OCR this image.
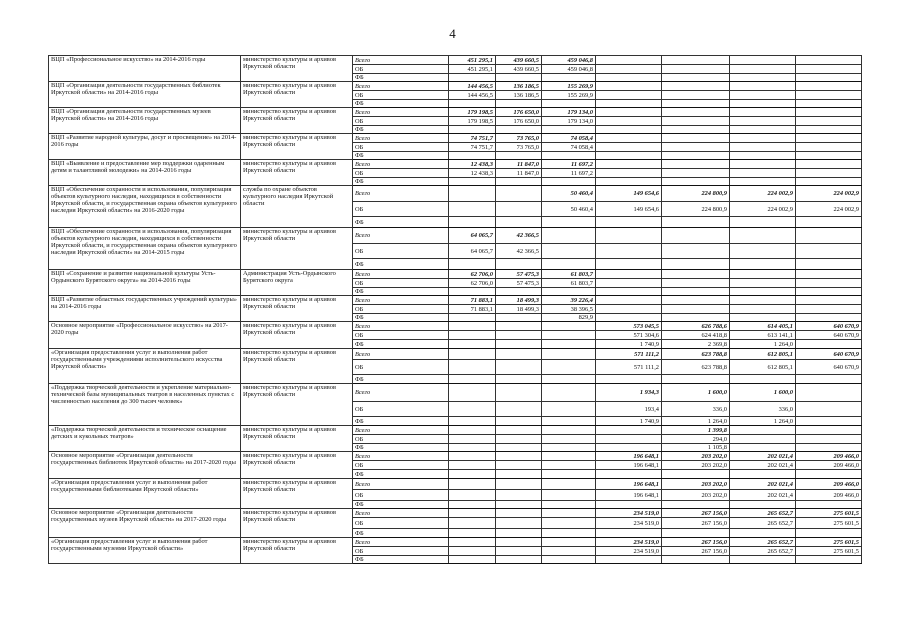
4
ВЦП «Профессиональное искусство» на 2014-2016 годы	министерство культуры и архивов Иркутской области	Всего	451 295,1	439 660,5	459 046,8				
		ОБ	451 295,1	439 660,5	459 046,8				
		ФБ							
ВЦП «Организация деятельности государственных библиотек Иркутской области» на 2014-2016 годы	министерство культуры и архивов Иркутской области	Всего	144 456,5	136 186,5	155 269,9				
		ОБ	144 456,5	136 186,5	155 269,9				
		ФБ							
ВЦП «Организация деятельности государственных музеев Иркутской области» на 2014-2016 годы	министерство культуры и архивов Иркутской области	Всего	179 198,5	176 650,0	179 134,0				
		ОБ	179 198,5	176 650,0	179 134,0				
		ФБ							
ВЦП «Развитие народной культуры, досуг и просвещение» на 2014-2016 годы	министерство культуры и архивов Иркутской области	Всего	74 751,7	73 765,0	74 058,4				
		ОБ	74 751,7	73 765,0	74 058,4				
		ФБ							
ВЦП «Выявление и предоставление мер поддержки одаренным детям и талантливой молодежи» на 2014-2016 годы	министерство культуры и архивов Иркутской области	Всего	12 438,3	11 847,0	11 697,2				
		ОБ	12 438,3	11 847,0	11 697,2				
		ФБ							
ВЦП «Обеспечение сохранности и использования, популяризация объектов культурного наследия, находящихся в собственности Иркутской области, и государственная охрана объектов культурного наследия Иркутской области» на 2016-2020 годы	служба по охране объектов культурного наследия Иркутской области	Всего			50 460,4	149 654,6	224 800,9	224 002,9	224 002,9
		ОБ			50 460,4	149 654,6	224 800,9	224 002,9	224 002,9
		ФБ							
ВЦП «Обеспечение сохранности и использования, популяризация объектов культурного наследия, находящихся в собственности Иркутской области, и государственная охрана объектов культурного наследия Иркутской области» на 2014-2015 годы	министерство культуры и архивов Иркутской области	Всего	64 065,7	42 366,5					
		ОБ	64 065,7	42 366,5					
		ФБ							
ВЦП «Сохранение и развитие национальной культуры Усть-Ордынского Бурятского округа» на 2014-2016 годы	Администрация Усть-Ордынского Бурятского округа	Всего	62 706,0	57 475,3	61 803,7				
		ОБ	62 706,0	57 475,3	61 803,7				
		ФБ							
ВЦП «Развитие областных государственных учреждений культуры» на 2014-2016 годы	министерство культуры и архивов Иркутской области	Всего	71 883,1	18 499,3	39 226,4				
		ОБ	71 883,1	18 499,3	38 396,5				
		ФБ			829,9				
Основное мероприятие «Профессиональное искусство» на 2017-2020 годы	министерство культуры и архивов Иркутской области	Всего				573 045,5	626 788,6	614 405,1	640 670,9
		ОБ				571 304,6	624 418,8	613 141,1	640 670,9
		ФБ				1 740,9	2 369,8	1 264,0	
«Организация предоставления услуг и выполнения работ государственными учреждениями исполнительского искусства Иркутской области»	министерство культуры и архивов Иркутской области	Всего				571 111,2	623 788,8	612 805,1	640 670,9
		ОБ				571 111,2	623 788,8	612 805,1	640 670,9
		ФБ							
«Поддержка творческой деятельности и укрепление материально-технической базы муниципальных театров в населенных пунктах с численностью населения до 300 тысяч человек»	министерство культуры и архивов Иркутской области	Всего				1 934,3	1 600,0	1 600,0	
		ОБ				193,4	336,0	336,0	
		ФБ				1 740,9	1 264,0	1 264,0	
«Поддержка творческой деятельности и техническое оснащение детских и кукольных театров»	министерство культуры и архивов Иркутской области	Всего					1 399,8		
		ОБ					294,0		
		ФБ					1 105,8		
Основное мероприятие «Организация деятельности государственных библиотек Иркутской области» на 2017-2020 годы	министерство культуры и архивов Иркутской области	Всего				196 648,1	203 202,0	202 021,4	209 466,0
		ОБ				196 648,1	203 202,0	202 021,4	209 466,0
		ФБ							
«Организация предоставления услуг и выполнения работ государственными библиотеками Иркутской области»	министерство культуры и архивов Иркутской области	Всего				196 648,1	203 202,0	202 021,4	209 466,0
		ОБ				196 648,1	203 202,0	202 021,4	209 466,0
		ФБ							
Основное мероприятие «Организация деятельности государственных музеев Иркутской области» на 2017-2020 годы	министерство культуры и архивов Иркутской области	Всего				234 519,0	267 156,0	265 652,7	275 601,5
		ОБ				234 519,0	267 156,0	265 652,7	275 601,5
		ФБ							
«Организация предоставления услуг и выполнения работ государственными музеями Иркутской области»	министерство культуры и архивов Иркутской области	Всего				234 519,0	267 156,0	265 652,7	275 601,5
		ОБ				234 519,0	267 156,0	265 652,7	275 601,5
		ФБ							
